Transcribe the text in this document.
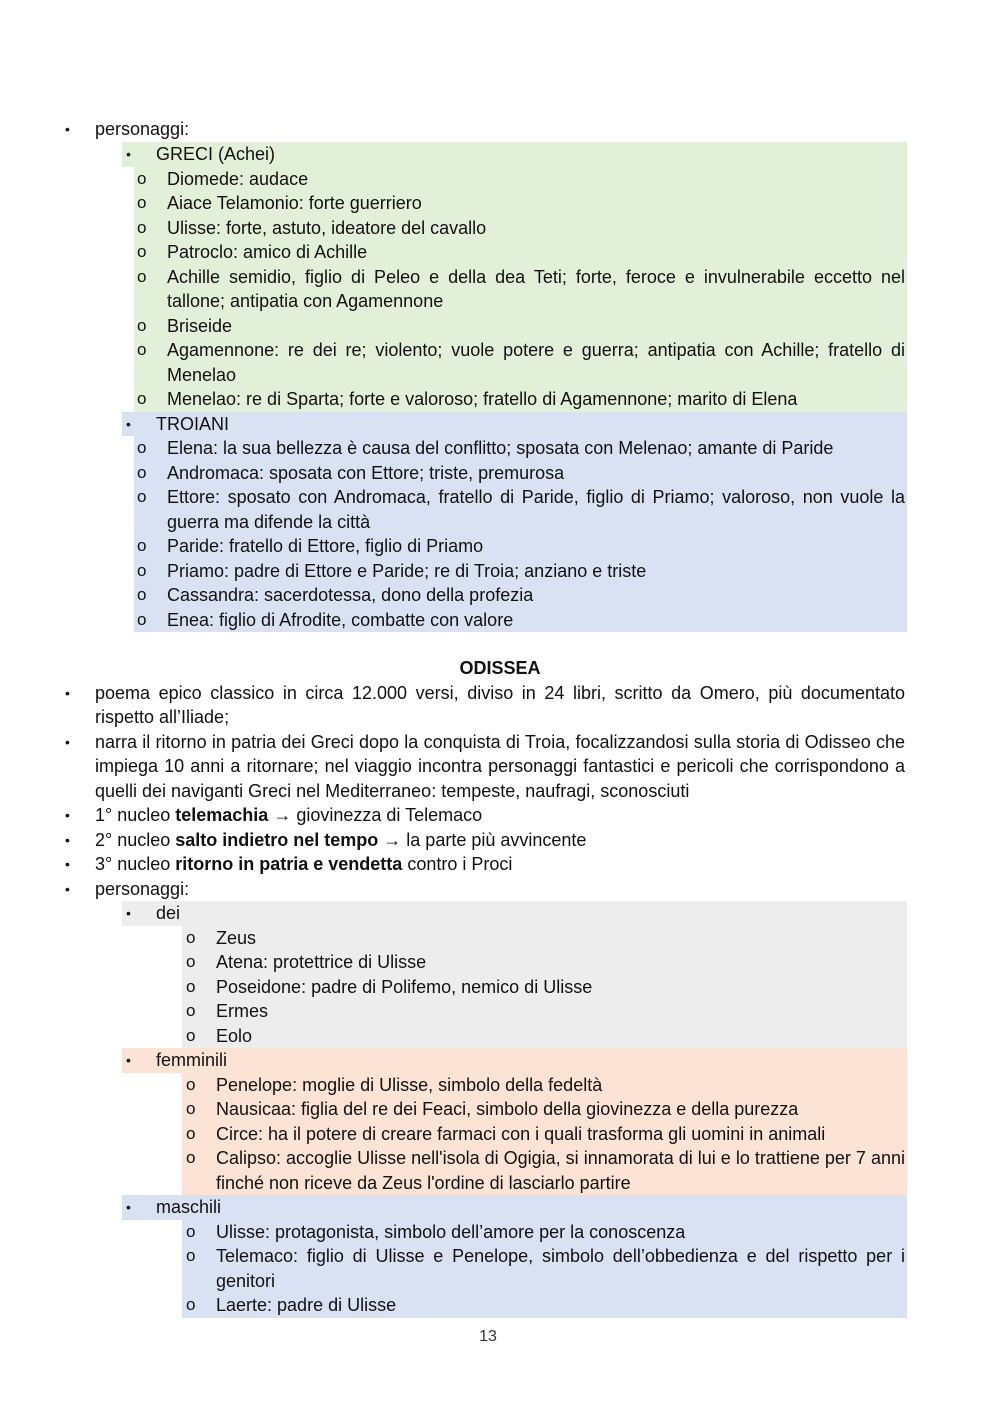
• personaggi:
• GRECI (Achei)
o Diomede: audace
o Aiace Telamonio: forte guerriero
o Ulisse: forte, astuto, ideatore del cavallo
o Patroclo: amico di Achille
o Achille semidio, figlio di Peleo e della dea Teti; forte, feroce e invulnerabile eccetto nel tallone; antipatia con Agamennone
o Briseide
o Agamennone: re dei re; violento; vuole potere e guerra; antipatia con Achille; fratello di Menelao
o Menelao: re di Sparta; forte e valoroso; fratello di Agamennone; marito di Elena
• TROIANI
o Elena: la sua bellezza è causa del conflitto; sposata con Melenao; amante di Paride
o Andromaca: sposata con Ettore; triste, premurosa
o Ettore: sposato con Andromaca, fratello di Paride, figlio di Priamo; valoroso, non vuole la guerra ma difende la città
o Paride: fratello di Ettore, figlio di Priamo
o Priamo: padre di Ettore e Paride; re di Troia; anziano e triste
o Cassandra: sacerdotessa, dono della profezia
o Enea: figlio di Afrodite, combatte con valore
ODISSEA
• poema epico classico in circa 12.000 versi, diviso in 24 libri, scritto da Omero, più documentato rispetto all’Iliade;
• narra il ritorno in patria dei Greci dopo la conquista di Troia, focalizzandosi sulla storia di Odisseo che impiega 10 anni a ritornare; nel viaggio incontra personaggi fantastici e pericoli che corrispondono a quelli dei naviganti Greci nel Mediterraneo: tempeste, naufragi, sconosciuti
• 1° nucleo telemachia → giovinezza di Telemaco
• 2° nucleo salto indietro nel tempo → la parte più avvincente
• 3° nucleo ritorno in patria e vendetta contro i Proci
• personaggi:
• dei
o Zeus
o Atena: protettrice di Ulisse
o Poseidone: padre di Polifemo, nemico di Ulisse
o Ermes
o Eolo
• femminili
o Penelope: moglie di Ulisse, simbolo della fedeltà
o Nausicaa: figlia del re dei Feaci, simbolo della giovinezza e della purezza
o Circe: ha il potere di creare farmaci con i quali trasforma gli uomini in animali
o Calipso: accoglie Ulisse nell'isola di Ogigia, si innamorata di lui e lo trattiene per 7 anni finché non riceve da Zeus l'ordine di lasciarlo partire
• maschili
o Ulisse: protagonista, simbolo dell’amore per la conoscenza
o Telemaco: figlio di Ulisse e Penelope, simbolo dell’obbedienza e del rispetto per i genitori
o Laerte: padre di Ulisse
13
